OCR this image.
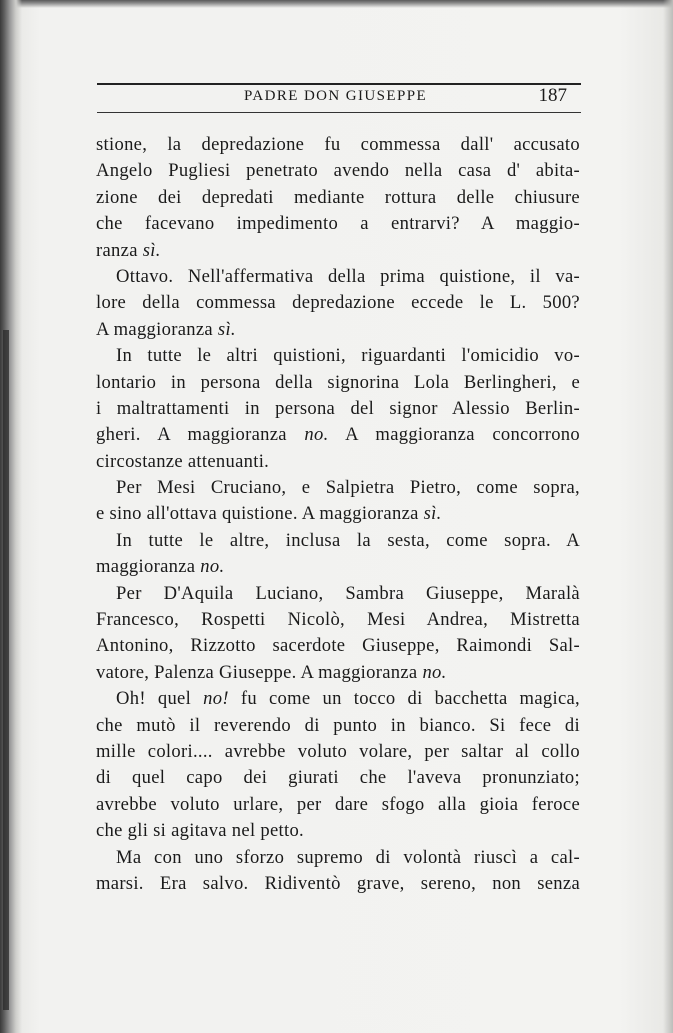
PADRE DON GIUSEPPE	187
stione, la depredazione fu commessa dall' accusato
Angelo Pugliesi penetrato avendo nella casa d' abita-
zione dei depredati mediante rottura delle chiusure
che facevano impedimento a entrarvi? A maggio-
ranza sì.
Ottavo. Nell'affermativa della prima quistione, il va-
lore della commessa depredazione eccede le L. 500?
A maggioranza sì.
In tutte le altri quistioni, riguardanti l'omicidio vo-
lontario in persona della signorina Lola Berlingheri, e
i maltrattamenti in persona del signor Alessio Berlin-
gheri. A maggioranza no. A maggioranza concorrono
circostanze attenuanti.
Per Mesi Cruciano, e Salpietra Pietro, come sopra,
e sino all'ottava quistione. A maggioranza sì.
In tutte le altre, inclusa la sesta, come sopra. A
maggioranza no.
Per D'Aquila Luciano, Sambra Giuseppe, Maralà
Francesco, Rospetti Nicolò, Mesi Andrea, Mistretta
Antonino, Rizzotto sacerdote Giuseppe, Raimondi Sal-
vatore, Palenza Giuseppe. A maggioranza no.
Oh! quel no! fu come un tocco di bacchetta magica,
che mutò il reverendo di punto in bianco. Si fece di
mille colori.... avrebbe voluto volare, per saltar al collo
di quel capo dei giurati che l'aveva pronunziato;
avrebbe voluto urlare, per dare sfogo alla gioia feroce
che gli si agitava nel petto.
Ma con uno sforzo supremo di volontà riuscì a cal-
marsi. Era salvo. Ridiventò grave, sereno, non senza
